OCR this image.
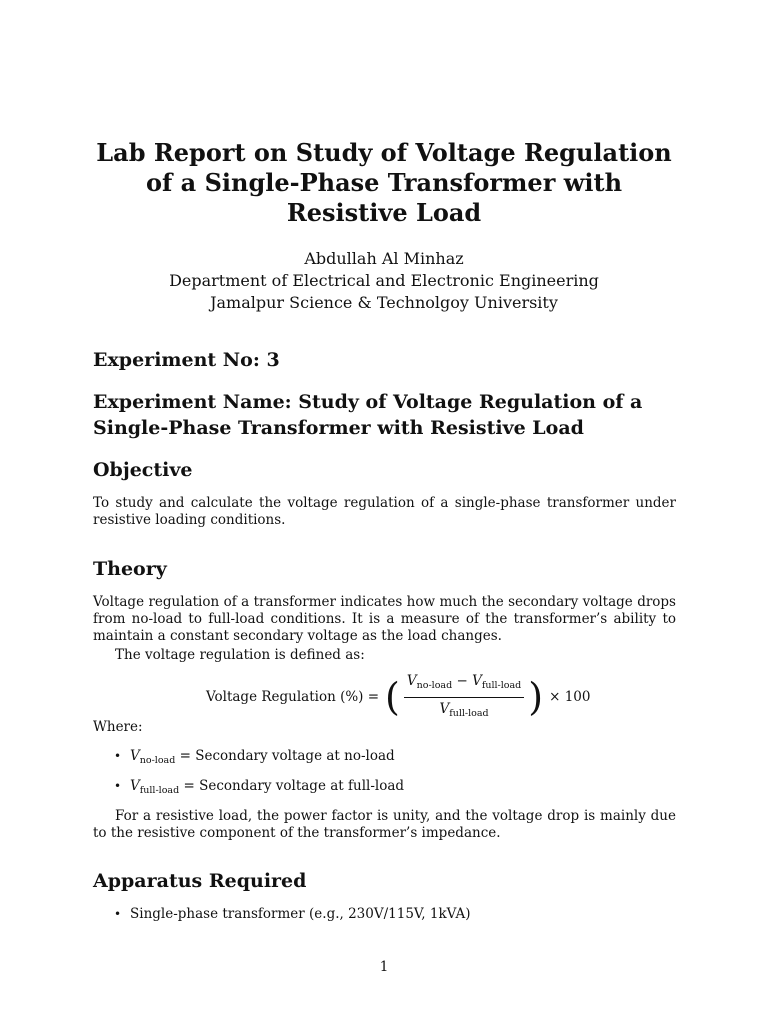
Lab Report on Study of Voltage Regulation
of a Single-Phase Transformer with
Resistive Load
Abdullah Al Minhaz
Department of Electrical and Electronic Engineering
Jamalpur Science & Technolgoy University
Experiment No: 3
Experiment Name: Study of Voltage Regulation of a
Single-Phase Transformer with Resistive Load
Objective

To study and calculate the voltage regulation of a single-phase transformer under resistive loading conditions.

Theory

Voltage regulation of a transformer indicates how much the secondary voltage drops from no-load to full-load conditions. It is a measure of the transformer’s ability to maintain a constant secondary voltage as the load changes.

The voltage regulation is defined as:

Voltage Regulation (%) = ( $\frac{V_{no-load} - V_{full-load}}{V_{full-load}}$ ) × 100

Where:

• $V_{no-load}$ = Secondary voltage at no-load
• $V_{full-load}$ = Secondary voltage at full-load

For a resistive load, the power factor is unity, and the voltage drop is mainly due to the resistive component of the transformer’s impedance.

Apparatus Required
• Single-phase transformer (e.g., 230V/115V, 1kVA)
1
